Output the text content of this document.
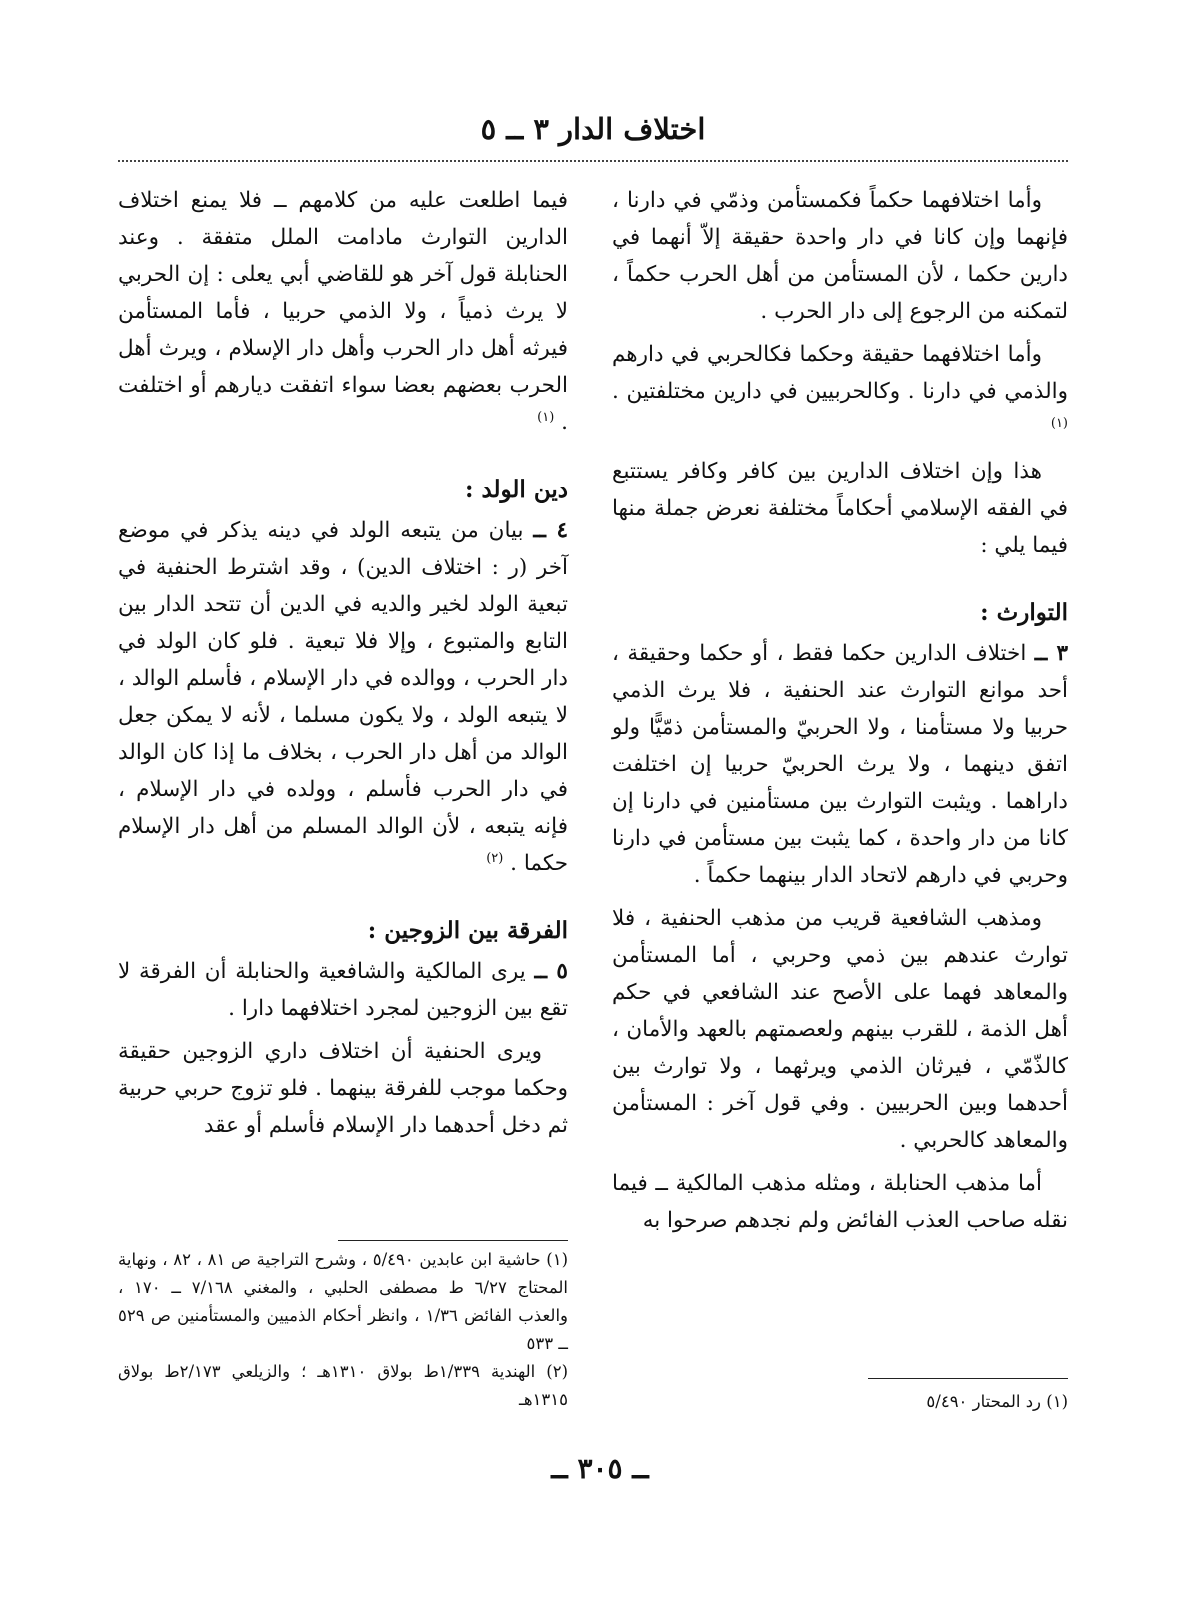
اختلاف الدار ٣ ــ ٥

وأما اختلافهما حكماً فكمستأمن وذمّي في دارنا ، فإنهما وإن كانا في دار واحدة حقيقة إلاّ أنهما في دارين حكما ، لأن المستأمن من أهل الحرب حكماً ، لتمكنه من الرجوع إلى دار الحرب .

وأما اختلافهما حقيقة وحكما فكالحربي في دارهم والذمي في دارنا . وكالحربيين في دارين مختلفتين . $^{(١)}$

هذا وإن اختلاف الدارين بين كافر وكافر يستتبع في الفقه الإسلامي أحكاماً مختلفة نعرض جملة منها فيما يلي :

التوارث :

٣ ــ اختلاف الدارين حكما فقط ، أو حكما وحقيقة ، أحد موانع التوارث عند الحنفية ، فلا يرث الذمي حربيا ولا مستأمنا ، ولا الحربيّ والمستأمن ذمّيًّا ولو اتفق دينهما ، ولا يرث الحربيّ حربيا إن اختلفت داراهما . ويثبت التوارث بين مستأمنين في دارنا إن كانا من دار واحدة ، كما يثبت بين مستأمن في دارنا وحربي في دارهم لاتحاد الدار بينهما حكماً .

ومذهب الشافعية قريب من مذهب الحنفية ، فلا توارث عندهم بين ذمي وحربي ، أما المستأمن والمعاهد فهما على الأصح عند الشافعي في حكم أهل الذمة ، للقرب بينهم ولعصمتهم بالعهد والأمان ، كالذّمّي ، فيرثان الذمي ويرثهما ، ولا توارث بين أحدهما وبين الحربيين . وفي قول آخر : المستأمن والمعاهد كالحربي .

أما مذهب الحنابلة ، ومثله مذهب المالكية ــ فيما نقله صاحب العذب الفائض ولم نجدهم صرحوا به

فيما اطلعت عليه من كلامهم ــ فلا يمنع اختلاف الدارين التوارث مادامت الملل متفقة . وعند الحنابلة قول آخر هو للقاضي أبي يعلى : إن الحربي لا يرث ذمياً ، ولا الذمي حربيا ، فأما المستأمن فيرثه أهل دار الحرب وأهل دار الإسلام ، ويرث أهل الحرب بعضهم بعضا سواء اتفقت ديارهم أو اختلفت . $^{(١)}$

دين الولد :

٤ ــ بيان من يتبعه الولد في دينه يذكر في موضع آخر (ر : اختلاف الدين) ، وقد اشترط الحنفية في تبعية الولد لخير والديه في الدين أن تتحد الدار بين التابع والمتبوع ، وإلا فلا تبعية . فلو كان الولد في دار الحرب ، ووالده في دار الإسلام ، فأسلم الوالد ، لا يتبعه الولد ، ولا يكون مسلما ، لأنه لا يمكن جعل الوالد من أهل دار الحرب ، بخلاف ما إذا كان الوالد في دار الحرب فأسلم ، وولده في دار الإسلام ، فإنه يتبعه ، لأن الوالد المسلم من أهل دار الإسلام حكما . $^{(٢)}$

الفرقة بين الزوجين :

٥ ــ يرى المالكية والشافعية والحنابلة أن الفرقة لا تقع بين الزوجين لمجرد اختلافهما دارا .

ويرى الحنفية أن اختلاف داري الزوجين حقيقة وحكما موجب للفرقة بينهما . فلو تزوج حربي حربية ثم دخل أحدهما دار الإسلام فأسلم أو عقد

(١) رد المحتار ٥/٤٩٠

(١) حاشية ابن عابدين ٥/٤٩٠ ، وشرح التراجية ص ٨١ ، ٨٢ ، ونهاية المحتاج ٦/٢٧ ط مصطفى الحلبي ، والمغني ٧/١٦٨ ــ ١٧٠ ، والعذب الفائض ١/٣٦ ، وانظر أحكام الذميين والمستأمنين ص ٥٢٩ ــ ٥٣٣

(٢) الهندية ١/٣٣٩ط بولاق ١٣١٠هـ ؛ والزيلعي ٢/١٧٣ط بولاق ١٣١٥هـ

ــ ٣٠٥ ــ
